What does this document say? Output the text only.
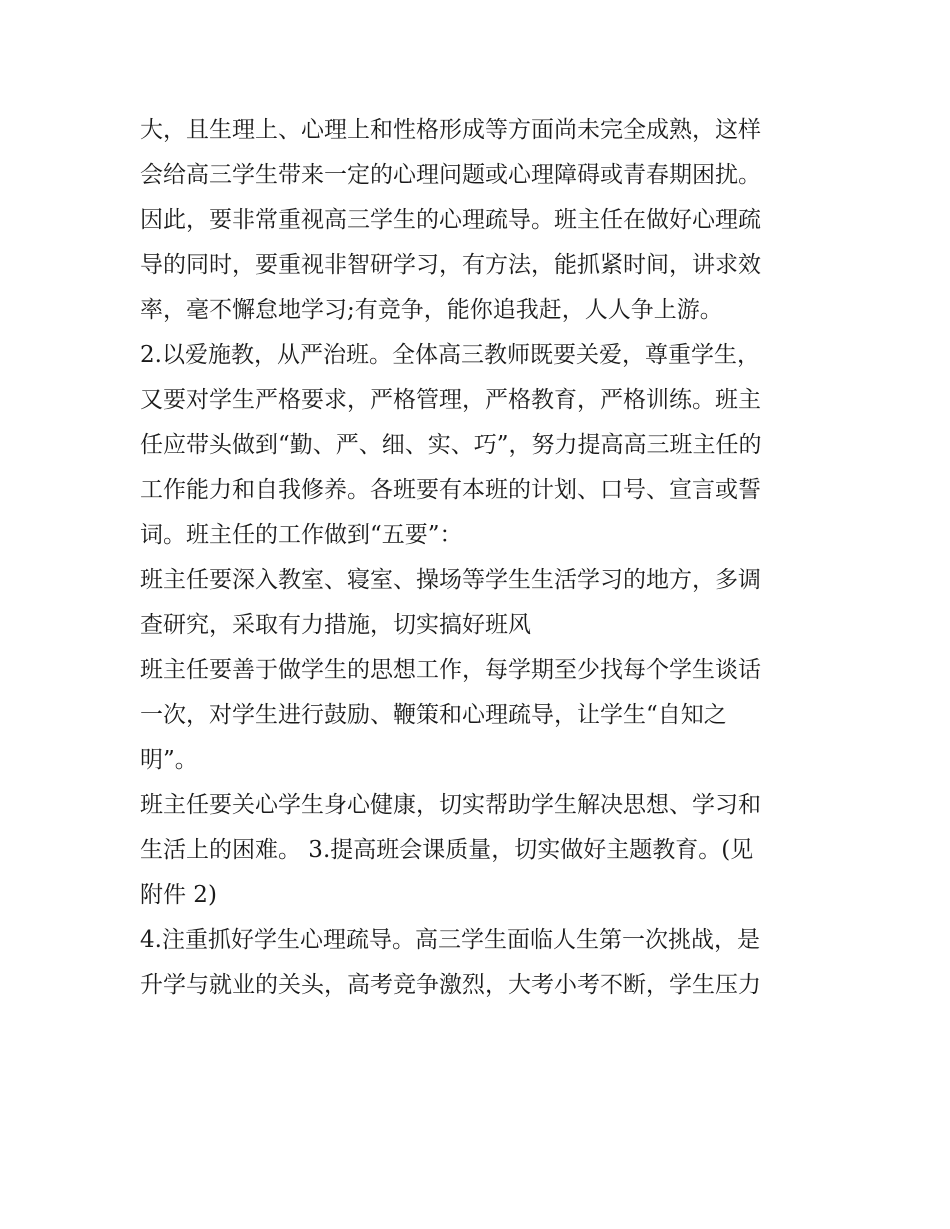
大，且生理上、心理上和性格形成等方面尚未完全成熟，这样
会给高三学生带来一定的心理问题或心理障碍或青春期困扰。
因此，要非常重视高三学生的心理疏导。班主任在做好心理疏
导的同时，要重视非智研学习，有方法，能抓紧时间，讲求效
率，毫不懈怠地学习;有竞争，能你追我赶，人人争上游。
2.以爱施教，从严治班。全体高三教师既要关爱，尊重学生，
又要对学生严格要求，严格管理，严格教育，严格训练。班主
任应带头做到“勤、严、细、实、巧”，努力提高高三班主任的
工作能力和自我修养。各班要有本班的计划、口号、宣言或誓
词。班主任的工作做到“五要”：
班主任要深入教室、寝室、操场等学生生活学习的地方，多调
查研究，采取有力措施，切实搞好班风
班主任要善于做学生的思想工作，每学期至少找每个学生谈话
一次，对学生进行鼓励、鞭策和心理疏导，让学生“自知之
明”。
班主任要关心学生身心健康，切实帮助学生解决思想、学习和
生活上的困难。 3.提高班会课质量，切实做好主题教育。(见
附件 2)
4.注重抓好学生心理疏导。高三学生面临人生第一次挑战，是
升学与就业的关头，高考竞争激烈，大考小考不断，学生压力
